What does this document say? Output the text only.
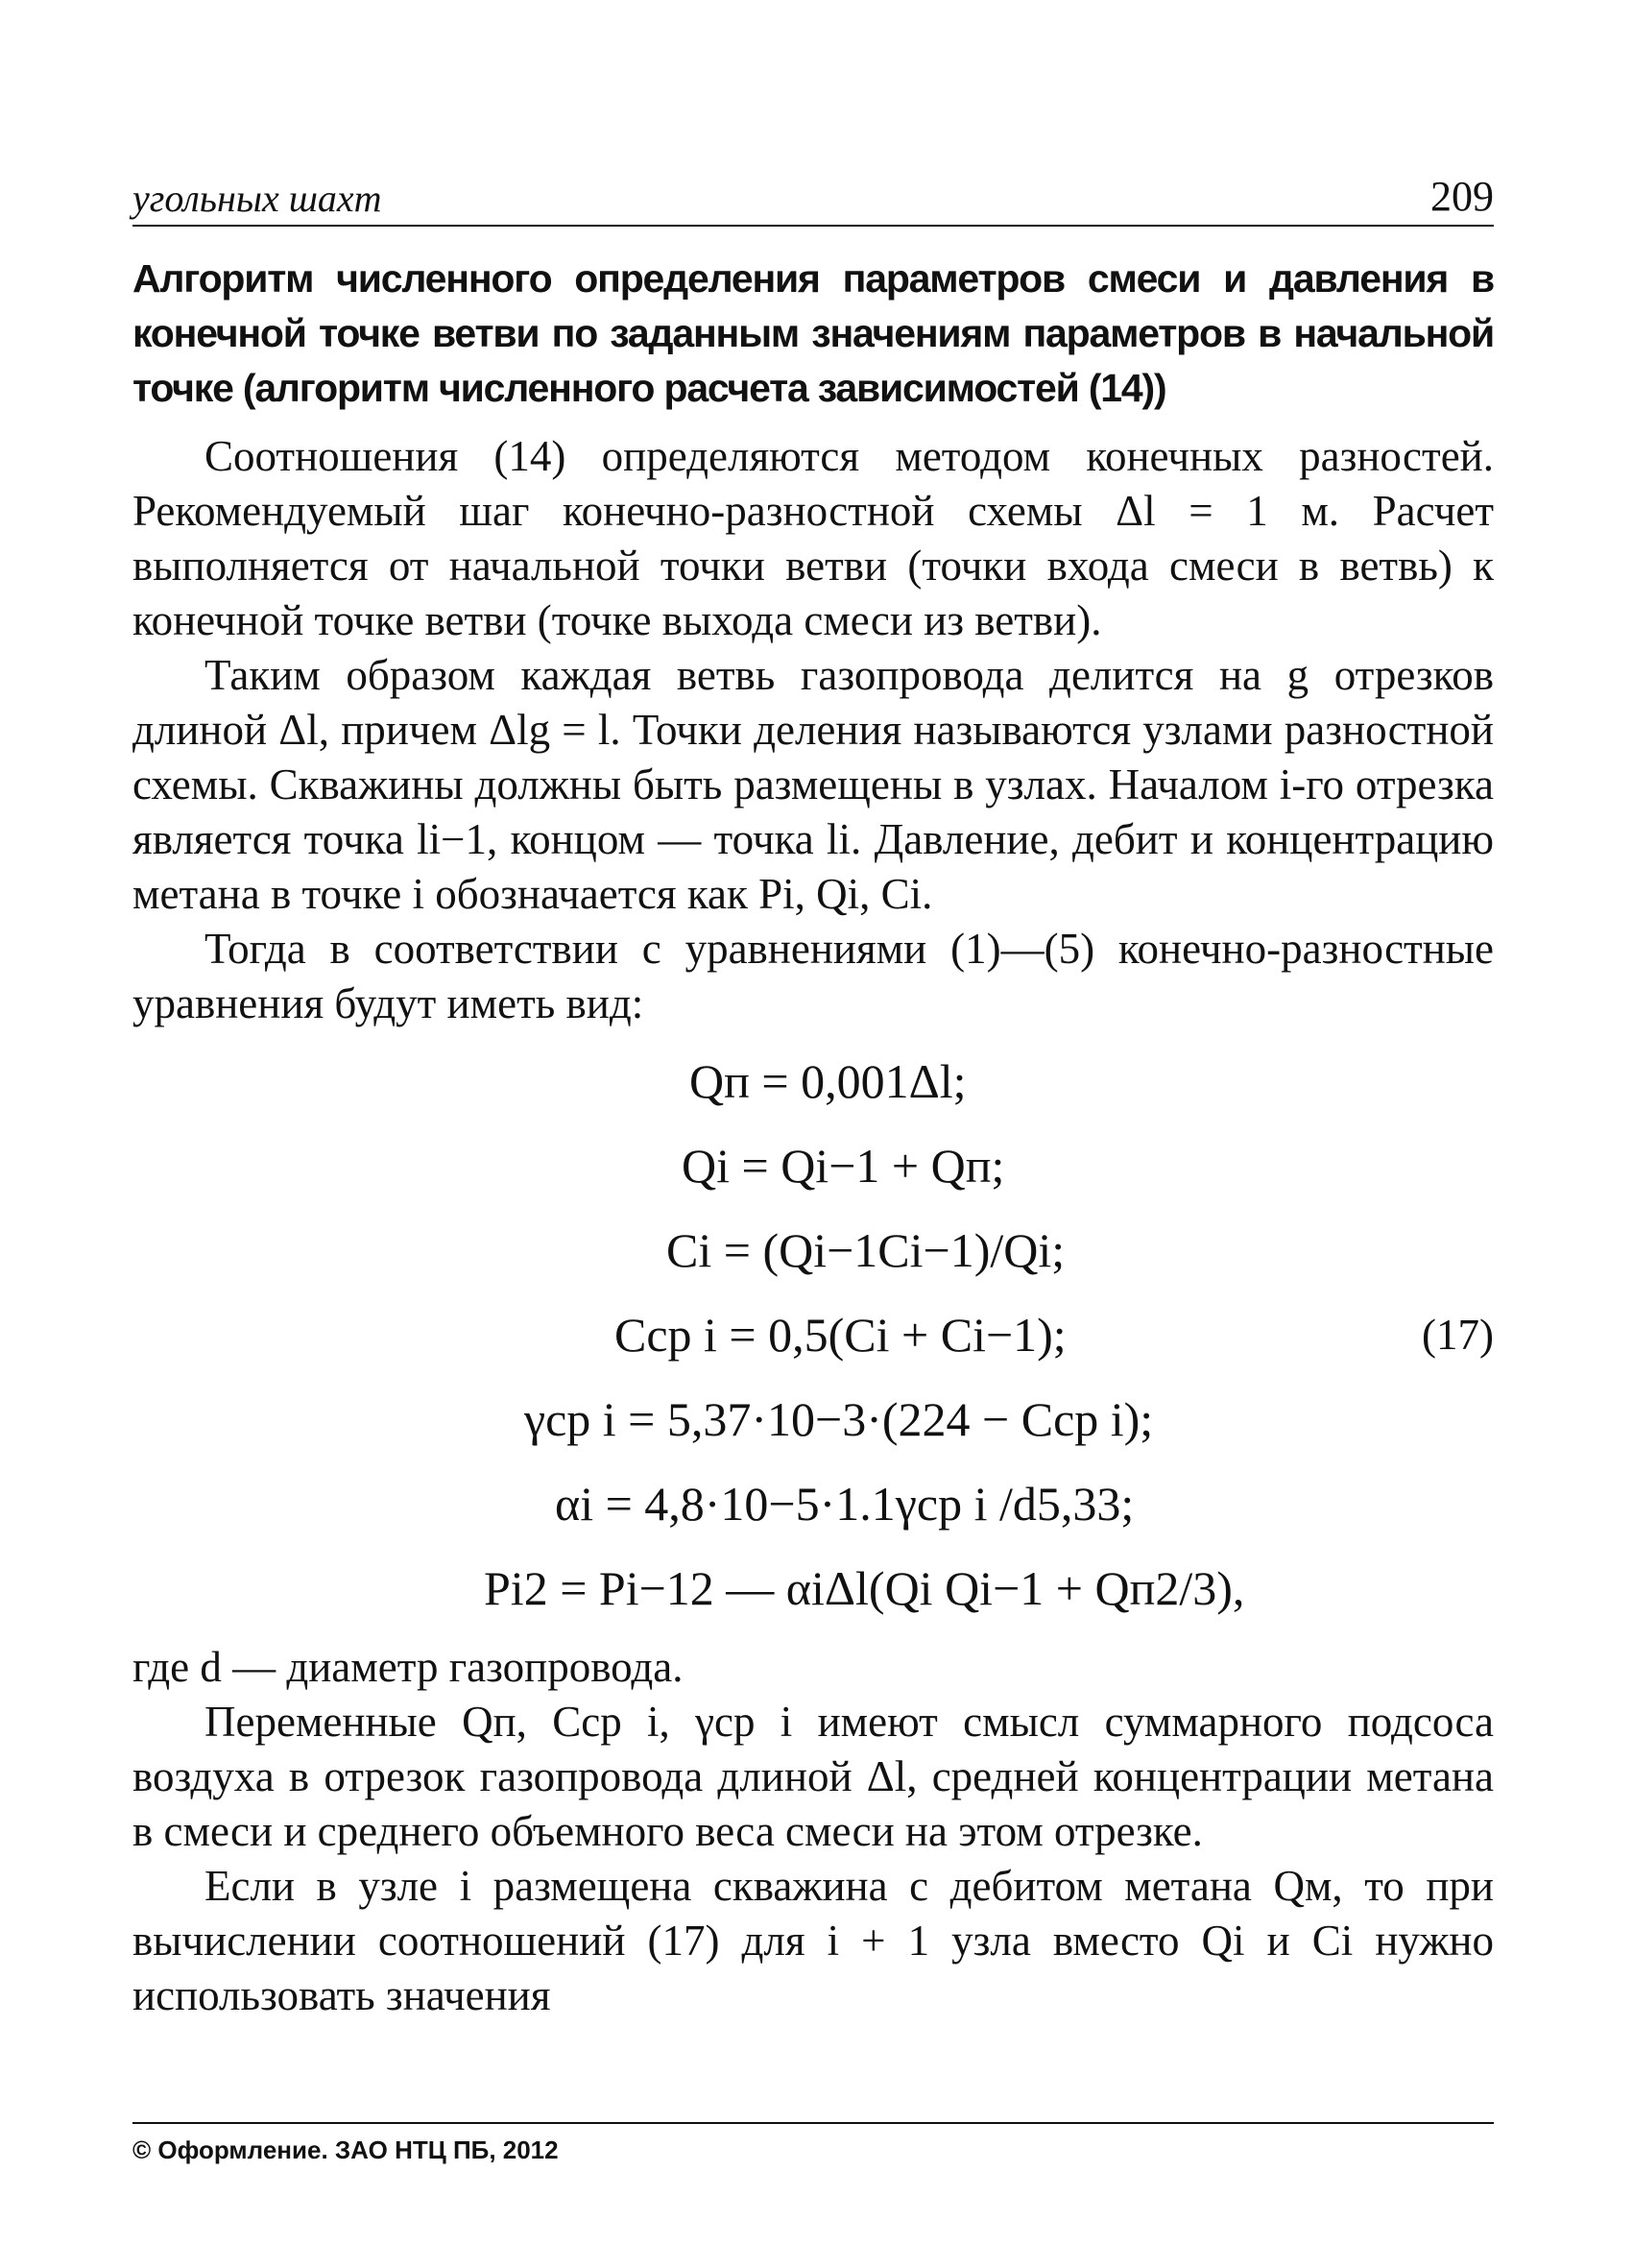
угольных шахт	209
Алгоритм численного определения параметров смеси и давления в конечной точке ветви по заданным значениям параметров в начальной точке (алгоритм численного расчета зависимостей (14))

Соотношения (14) определяются методом конечных разностей. Рекомендуемый шаг конечно-разностной схемы Δl = 1 м. Расчет выполняется от начальной точки ветви (точки входа смеси в ветвь) к конечной точке ветви (точке выхода смеси из ветви).

Таким образом каждая ветвь газопровода делится на g отрезков длиной Δl, причем Δlg = l. Точки деления называются узлами разностной схемы. Скважины должны быть размещены в узлах. Началом i-го отрезка является точка li−1, концом — точка li. Давление, дебит и концентрацию метана в точке i обозначается как Pi, Qi, Ci.

Тогда в соответствии с уравнениями (1)—(5) конечно-разностные уравнения будут иметь вид:

Qп = 0,001Δl;
Qi = Qi−1 + Qп;
Ci = (Qi−1Ci−1)/Qi;
Cср i = 0,5(Ci + Ci−1);
γср i = 5,37·10−3·(224 − Cср i);
αi = 4,8·10−5·1.1γср i /d5,33;
Pi2 = Pi−12 — αiΔl(Qi Qi−1 + Qп2/3),
(17)

где d — диаметр газопровода.

Переменные Qп, Cср i, γср i имеют смысл суммарного подсоса воздуха в отрезок газопровода длиной Δl, средней концентрации метана в смеси и среднего объемного веса смеси на этом отрезке.

Если в узле i размещена скважина с дебитом метана Qм, то при вычислении соотношений (17) для i + 1 узла вместо Qi и Ci нужно использовать значения

© Оформление. ЗАО НТЦ ПБ, 2012
